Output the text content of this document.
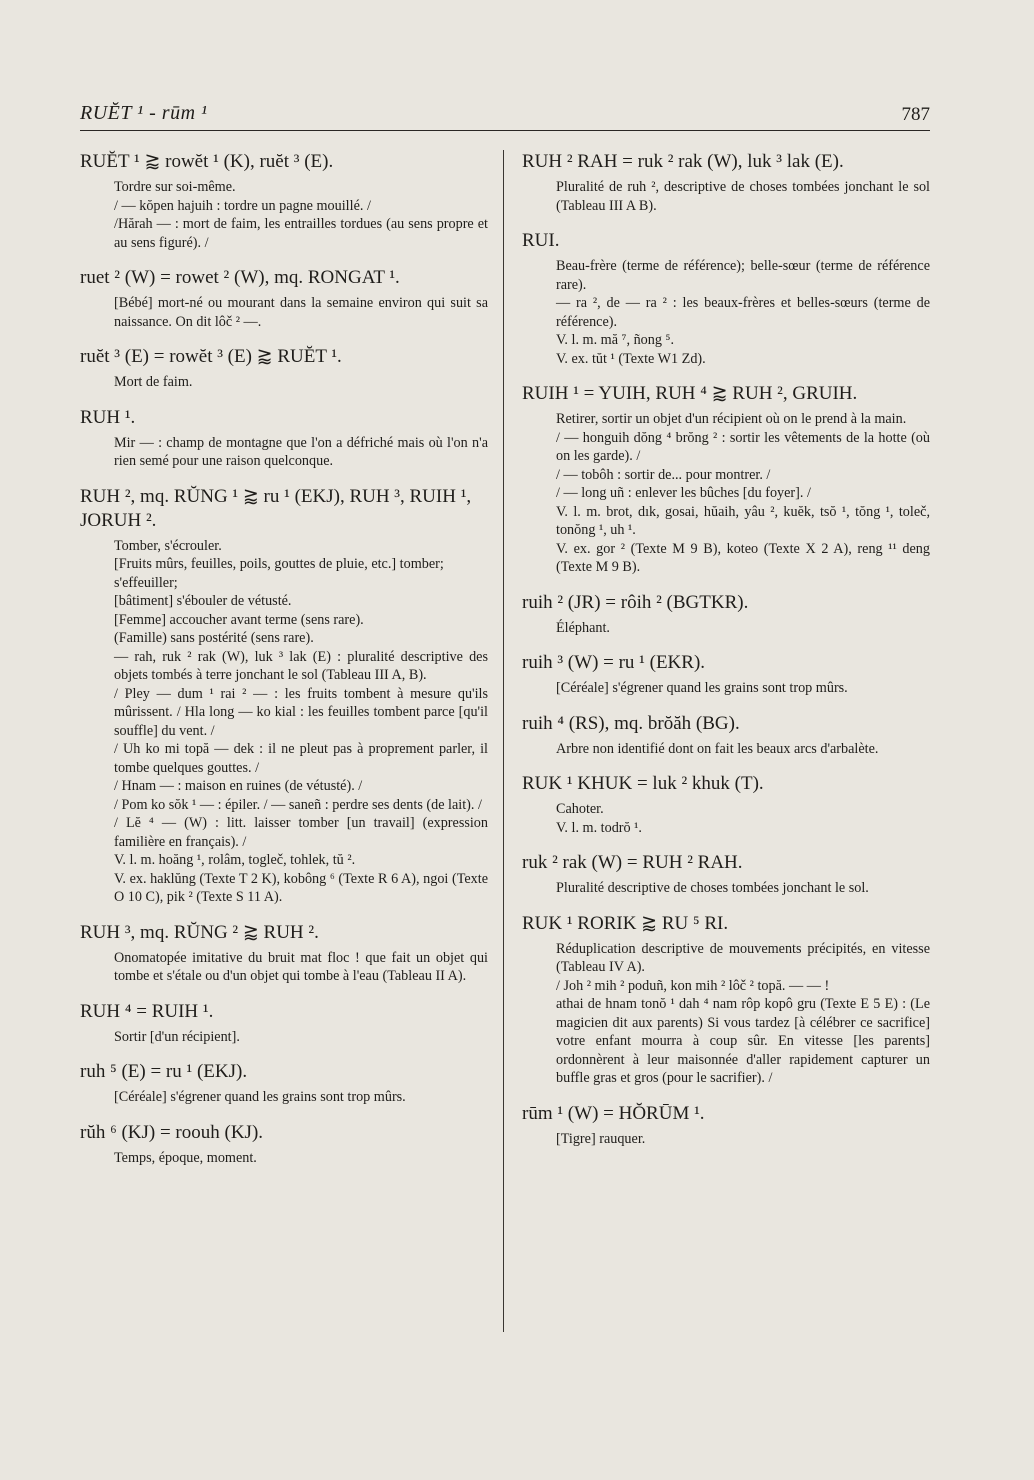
RUĔT ¹ - rūm ¹	787
RUĔT ¹ ⪆ rowĕt ¹ (K), ruĕt ³ (E).
Tordre sur soi-même.
/ — kŏpen hajuih : tordre un pagne mouillé. /
/Hărah — : mort de faim, les entrailles tordues (au sens propre et au sens figuré). /
ruet ² (W) = rowet ² (W), mq. RONGAT ¹.
[Bébé] mort-né ou mourant dans la semaine environ qui suit sa naissance. On dit lôč ² —.
ruĕt ³ (E) = rowĕt ³ (E) ⪆ RUĔT ¹.
Mort de faim.
RUH ¹.
Mir — : champ de montagne que l'on a défriché mais où l'on n'a rien semé pour une raison quelconque.
RUH ², mq. RŬNG ¹ ⪆ ru ¹ (EKJ), RUH ³, RUIH ¹, JORUH ².
Tomber, s'écrouler.
[Fruits mûrs, feuilles, poils, gouttes de pluie, etc.] tomber;
s'effeuiller;
[bâtiment] s'ébouler de vétusté.
[Femme] accoucher avant terme (sens rare).
(Famille) sans postérité (sens rare).
— rah, ruk ² rak (W), luk ³ lak (E) : pluralité descriptive des objets tombés à terre jonchant le sol (Tableau III A, B).
/ Pley — dum ¹ rai ² — : les fruits tombent à mesure qu'ils mûrissent. / Hla long — ko kial : les feuilles tombent parce [qu'il souffle] du vent. /
/ Uh ko mi topă — dek : il ne pleut pas à proprement parler, il tombe quelques gouttes. /
/ Hnam — : maison en ruines (de vétusté). /
/ Pom ko sŏk ¹ — : épiler. / — saneñ : perdre ses dents (de lait). /
/ Lĕ ⁴ — (W) : litt. laisser tomber [un travail] (expression familière en français). /
V. l. m. hoăng ¹, rolâm, togleč, tohlek, tŭ ².
V. ex. haklŭng (Texte T 2 K), kobông ⁶ (Texte R 6 A), ngoi (Texte O 10 C), pik ² (Texte S 11 A).
RUH ³, mq. RŬNG ² ⪆ RUH ².
Onomatopée imitative du bruit mat floc ! que fait un objet qui tombe et s'étale ou d'un objet qui tombe à l'eau (Tableau II A).
RUH ⁴ = RUIH ¹.
Sortir [d'un récipient].
ruh ⁵ (E) = ru ¹ (EKJ).
[Céréale] s'égrener quand les grains sont trop mûrs.
rŭh ⁶ (KJ) = roouh (KJ).
Temps, époque, moment.
RUH ² RAH = ruk ² rak (W), luk ³ lak (E).
Pluralité de ruh ², descriptive de choses tombées jonchant le sol (Tableau III A B).
RUI.
Beau-frère (terme de référence); belle-sœur (terme de référence rare).
— ra ², de — ra ² : les beaux-frères et belles-sœurs (terme de référence).
V. l. m. mă ⁷, ñong ⁵.
V. ex. tŭt ¹ (Texte W1 Zd).
RUIH ¹ = YUIH, RUH ⁴ ⪆ RUH ², GRUIH.
Retirer, sortir un objet d'un récipient où on le prend à la main.
/ — honguih dŏng ⁴ brŏng ² : sortir les vêtements de la hotte (où on les garde). /
/ — tobôh : sortir de... pour montrer. /
/ — long uñ : enlever les bûches [du foyer]. /
V. l. m. brot, dık, gosai, hŭaih, yâu ², kuĕk, tsŏ ¹, tŏng ¹, toleč, tonŏng ¹, uh ¹.
V. ex. gor ² (Texte M 9 B), koteo (Texte X 2 A), reng ¹¹ deng (Texte M 9 B).
ruih ² (JR) = rôih ² (BGTKR).
Éléphant.
ruih ³ (W) = ru ¹ (EKR).
[Céréale] s'égrener quand les grains sont trop mûrs.
ruih ⁴ (RS), mq. brŏăh (BG).
Arbre non identifié dont on fait les beaux arcs d'arbalète.
RUK ¹ KHUK = luk ² khuk (T).
Cahoter.
V. l. m. todrŏ ¹.
ruk ² rak (W) = RUH ² RAH.
Pluralité descriptive de choses tombées jonchant le sol.
RUK ¹ RORIK ⪆ RU ⁵ RI.
Réduplication descriptive de mouvements précipités, en vitesse (Tableau IV A).
/ Joh ² mih ² poduñ, kon mih ² lôč ² topă. — — !
athai de hnam tonŏ ¹ dah ⁴ nam rôp kopô gru (Texte E 5 E) : (Le magicien dit aux parents) Si vous tardez [à célébrer ce sacrifice] votre enfant mourra à coup sûr. En vitesse [les parents] ordonnèrent à leur maisonnée d'aller rapidement capturer un buffle gras et gros (pour le sacrifier). /
rūm ¹ (W) = HŎRŪM ¹.
[Tigre] rauquer.
